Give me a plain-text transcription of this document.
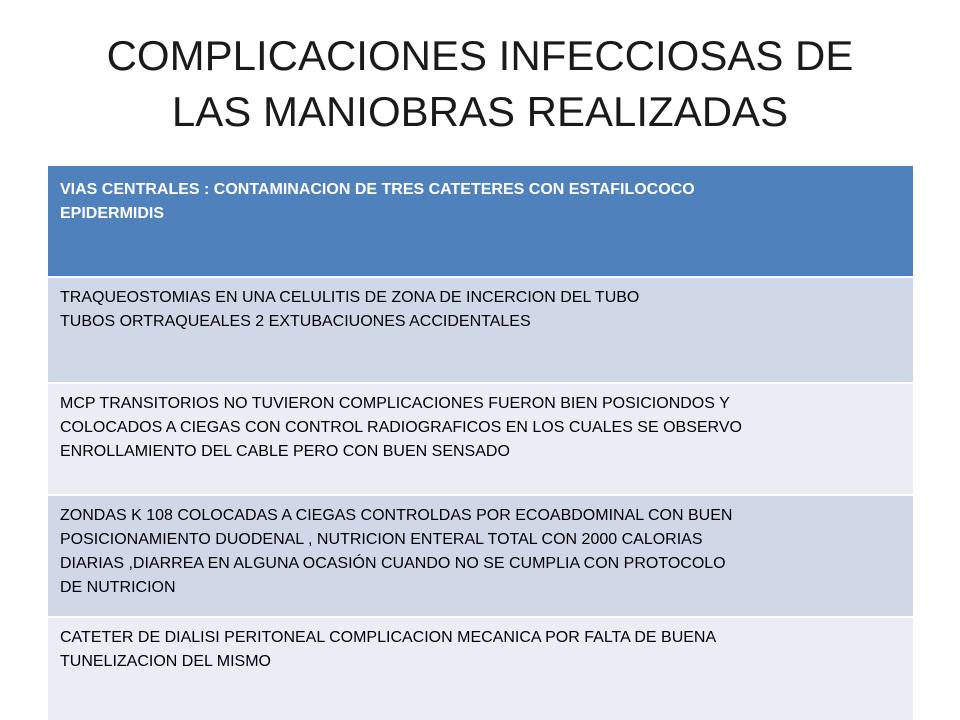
COMPLICACIONES INFECCIOSAS DE
LAS MANIOBRAS REALIZADAS
VIAS CENTRALES : CONTAMINACION DE TRES CATETERES CON ESTAFILOCOCO
EPIDERMIDIS

TRAQUEOSTOMIAS EN UNA CELULITIS DE ZONA DE INCERCION DEL TUBO
TUBOS ORTRAQUEALES 2 EXTUBACIUONES ACCIDENTALES

MCP TRANSITORIOS NO TUVIERON COMPLICACIONES FUERON BIEN POSICIONDOS Y
COLOCADOS A CIEGAS CON CONTROL RADIOGRAFICOS EN LOS CUALES SE OBSERVO
ENROLLAMIENTO DEL CABLE PERO CON BUEN SENSADO

ZONDAS K 108 COLOCADAS A CIEGAS CONTROLDAS POR ECOABDOMINAL CON BUEN
POSICIONAMIENTO DUODENAL , NUTRICION ENTERAL TOTAL CON 2000 CALORIAS
DIARIAS ,DIARREA EN ALGUNA OCASIÓN CUANDO NO SE CUMPLIA CON PROTOCOLO
DE NUTRICION

CATETER DE DIALISI PERITONEAL COMPLICACION MECANICA POR FALTA DE BUENA
TUNELIZACION DEL MISMO
